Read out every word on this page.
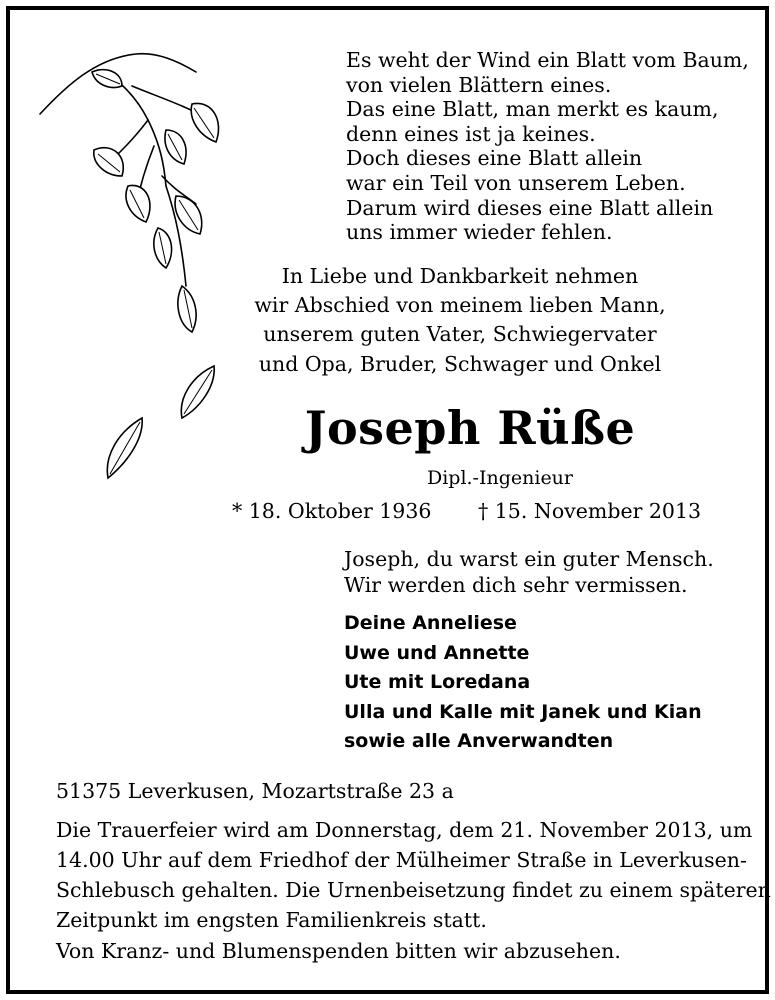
Es weht der Wind ein Blatt vom Baum,
von vielen Blättern eines.
Das eine Blatt, man merkt es kaum,
denn eines ist ja keines.
Doch dieses eine Blatt allein
war ein Teil von unserem Leben.
Darum wird dieses eine Blatt allein
uns immer wieder fehlen.
In Liebe und Dankbarkeit nehmen
wir Abschied von meinem lieben Mann,
unserem guten Vater, Schwiegervater
und Opa, Bruder, Schwager und Onkel
Joseph Rüße
Dipl.-Ingenieur
* 18. Oktober 1936 † 15. November 2013
Joseph, du warst ein guter Mensch.
Wir werden dich sehr vermissen.
Deine Anneliese
Uwe und Annette
Ute mit Loredana
Ulla und Kalle mit Janek und Kian
sowie alle Anverwandten
51375 Leverkusen, Mozartstraße 23 a
Die Trauerfeier wird am Donnerstag, dem 21. November 2013, um
14.00 Uhr auf dem Friedhof der Mülheimer Straße in Leverkusen-
Schlebusch gehalten. Die Urnenbeisetzung findet zu einem späteren
Zeitpunkt im engsten Familienkreis statt.
Von Kranz- und Blumenspenden bitten wir abzusehen.
